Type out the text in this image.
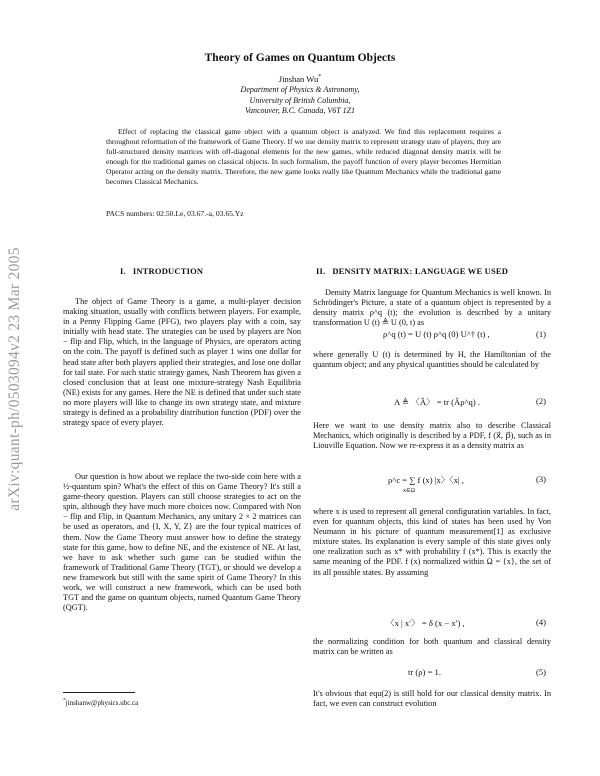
arXiv:quant-ph/0503094v2 23 Mar 2005
Theory of Games on Quantum Objects
Jinshan Wu*
Department of Physics & Astronomy,
University of British Columbia,
Vancouver, B.C. Canada, V6T 1Z1
Effect of replacing the classical game object with a quantum object is analyzed. We find this replacement requires a throughout reformation of the framework of Game Theory. If we use density matrix to represent strategy state of players, they are full-structured density matrices with off-diagonal elements for the new games, while reduced diagonal density matrix will be enough for the traditional games on classical objects. In such formalism, the payoff function of every player becomes Hermitian Operator acting on the density matrix. Therefore, the new game looks really like Quantum Mechanics while the traditional game becomes Classical Mechanics.
PACS numbers: 02.50.Le, 03.67.-a, 03.65.Yz
I. INTRODUCTION

The object of Game Theory is a game, a multi-player decision making situation, usually with conflicts between players. For example, in a Penny Flipping Game (PFG), two players play with a coin, say initially with head state. The strategies can be used by players are Non − flip and Flip, which, in the language of Physics, are operators acting on the coin. The payoff is defined such as player 1 wins one dollar for head state after both players applied their strategies, and lose one dollar for tail state. For such static strategy games, Nash Theorem has given a closed conclusion that at least one mixture-strategy Nash Equilibria (NE) exists for any games. Here the NE is defined that under such state no more players will like to change its own strategy state, and mixture strategy is defined as a probability distribution function (PDF) over the strategy space of every player.

Our question is how about we replace the two-side coin here with a ½-quantum spin? What's the effect of this on Game Theory? It's still a game-theory question. Players can still choose strategies to act on the spin, although they have much more choices now. Compared with Non − flip and Flip, in Quantum Mechanics, any unitary 2 × 2 matrices can be used as operators, and {I, X, Y, Z} are the four typical matrices of them. Now the Game Theory must answer how to define the strategy state for this game, how to define NE, and the existence of NE. At last, we have to ask whether such game can be studied within the framework of Traditional Game Theory (TGT), or should we develop a new framework but still with the same spirit of Game Theory? In this work, we will construct a new framework, which can be used both TGT and the game on quantum objects, named Quantum Game Theory (QGT).

*jinshanw@physics.ubc.ca
II. DENSITY MATRIX: LANGUAGE WE USED

Density Matrix language for Quantum Mechanics is well known. In Schrödinger's Picture, a state of a quantum object is represented by a density matrix ρ^q (t); the evolution is described by a unitary transformation U (t) ≜ U (0, t) as

ρ^q (t) = U (t) ρ^q (0) U^† (t) ,	(1)

where generally U (t) is determined by H, the Hamiltonian of the quantum object; and any physical quantities should be calculated by

A ≜ 〈Â〉 = tr (Âρ^q) .	(2)

Here we want to use density matrix also to describe Classical Mechanics, which originally is described by a PDF, f (x⃗, p⃗), such as in Liouville Equation. Now we re-express it as a density matrix as

ρ^c = ∑ f (x) |x〉〈x| ,
x∈Ω
(3)

where x is used to represent all general configuration variables. In fact, even for quantum objects, this kind of states has been used by Von Neumann in his picture of quantum measurement[1] as exclusive mixture states. Its explanation is every sample of this state gives only one realization such as x* with probability f (x*). This is exactly the same meaning of the PDF. f (x) normalized within Ω = {x}, the set of its all possible states. By assuming

〈x | x′〉 = δ (x − x′) ,	(4)

the normalizing condition for both quantum and classical density matrix can be written as

tr (ρ) = 1.	(5)

It's obvious that equ(2) is still hold for our classical density matrix. In fact, we even can construct evolution
